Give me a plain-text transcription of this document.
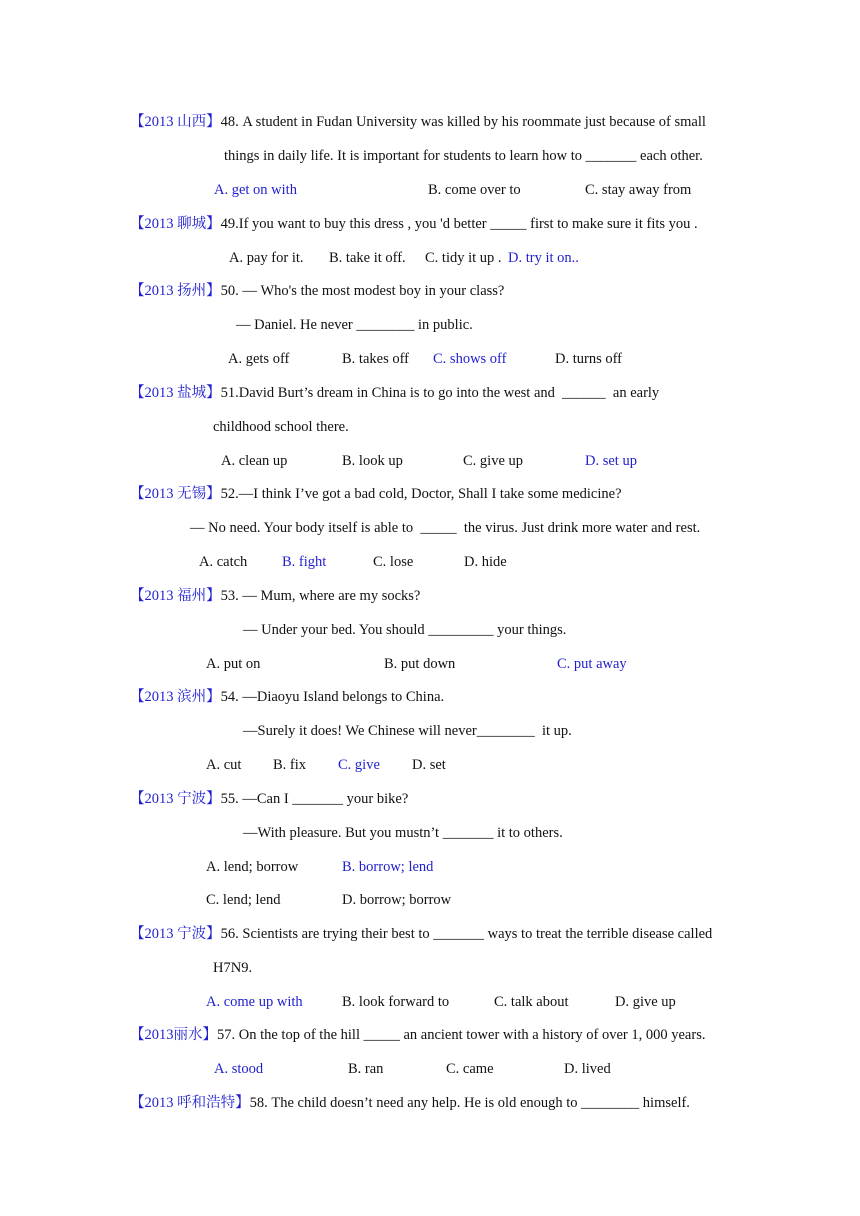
【2013 山西】48. A student in Fudan University was killed by his roommate just because of small
things in daily life. It is important for students to learn how to _______ each other.
A. get on with	B. come over to	C. stay away from
【2013 聊城】49.If you want to buy this dress , you 'd better _____ first to make sure it fits you .
A. pay for it. B. take it off. C. tidy it up . D. try it on..
【2013 扬州】50. — Who's the most modest boy in your class?
— Daniel. He never ________ in public.
A. gets off	B. takes off C. shows off	D. turns off
【2013 盐城】51.David Burt’s dream in China is to go into the west and  ______  an early
childhood school there.
A. clean up	B. look up	C. give up	D. set up
【2013 无锡】52.—I think I’ve got a bad cold, Doctor, Shall I take some medicine?
— No need. Your body itself is able to  _____  the virus. Just drink more water and rest.
A. catch B. fight	C. lose	D. hide
【2013 福州】53. — Mum, where are my socks?
— Under your bed. You should _________ your things.
A. put on	B. put down	C. put away
【2013 滨州】54. —Diaoyu Island belongs to China.
—Surely it does! We Chinese will never________  it up.
A. cut B. fix C. give D. set
【2013 宁波】55. —Can I _______ your bike?
—With pleasure. But you mustn’t _______ it to others.
A. lend; borrow	B. borrow; lend
C. lend; lend	D. borrow; borrow
【2013 宁波】56. Scientists are trying their best to _______ ways to treat the terrible disease called
H7N9.
A. come up with	B. look forward to	C. talk about	D. give up
【2013丽水】57. On the top of the hill _____ an ancient tower with a history of over 1, 000 years.
A. stood	B. ran	C. came	D. lived
【2013 呼和浩特】58. The child doesn’t need any help. He is old enough to ________ himself.
